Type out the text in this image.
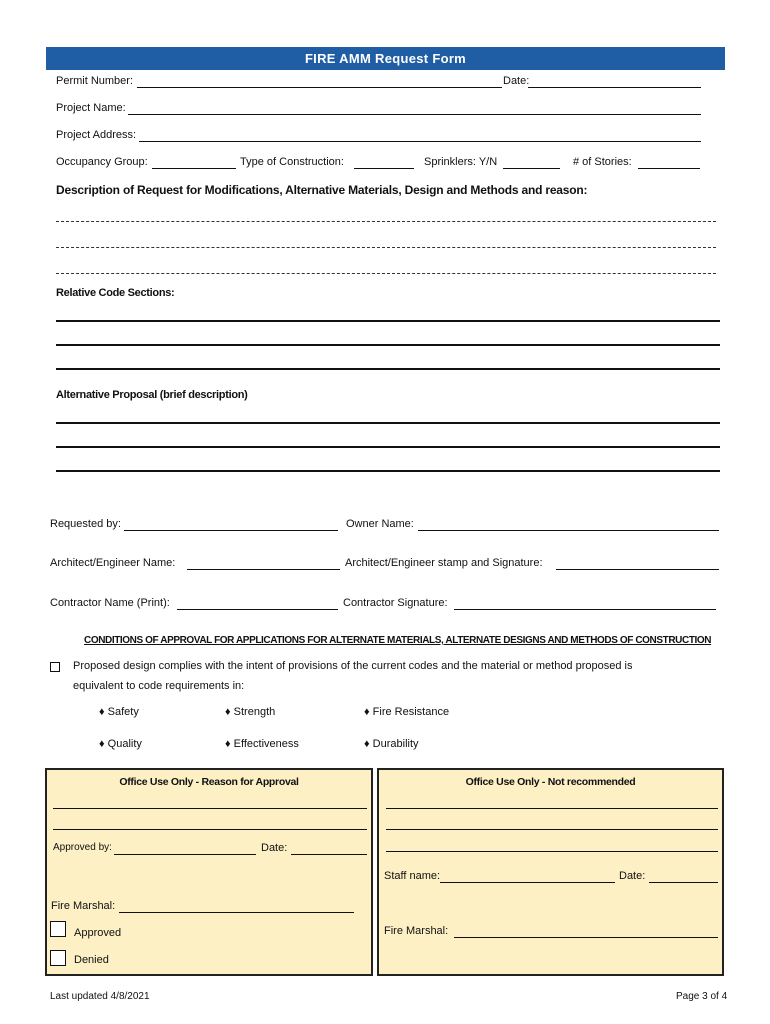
FIRE AMM Request Form
Permit Number:	Date:
Project Name:
Project Address:
Occupancy Group:	Type of Construction:	Sprinklers: Y/N	# of Stories:
Description of Request for Modifications, Alternative Materials, Design and Methods and reason:
Relative Code Sections:
Alternative Proposal (brief description)
Requested by:	Owner Name:
Architect/Engineer Name:	Architect/Engineer stamp and Signature:
Contractor Name (Print):	Contractor Signature:
CONDITIONS OF APPROVAL FOR APPLICATIONS FOR ALTERNATE MATERIALS, ALTERNATE DESIGNS AND METHODS OF CONSTRUCTION
Proposed design complies with the intent of provisions of the current codes and the material or method proposed is
equivalent to code requirements in:
♦ Safety	♦ Strength	♦ Fire Resistance
♦ Quality	♦ Effectiveness	♦ Durability
Office Use Only - Reason for Approval
Approved by:	Date:
Fire Marshal:
Approved
Denied
Office Use Only - Not recommended
Staff name:	Date:
Fire Marshal:
Last updated 4/8/2021	Page 3 of 4
